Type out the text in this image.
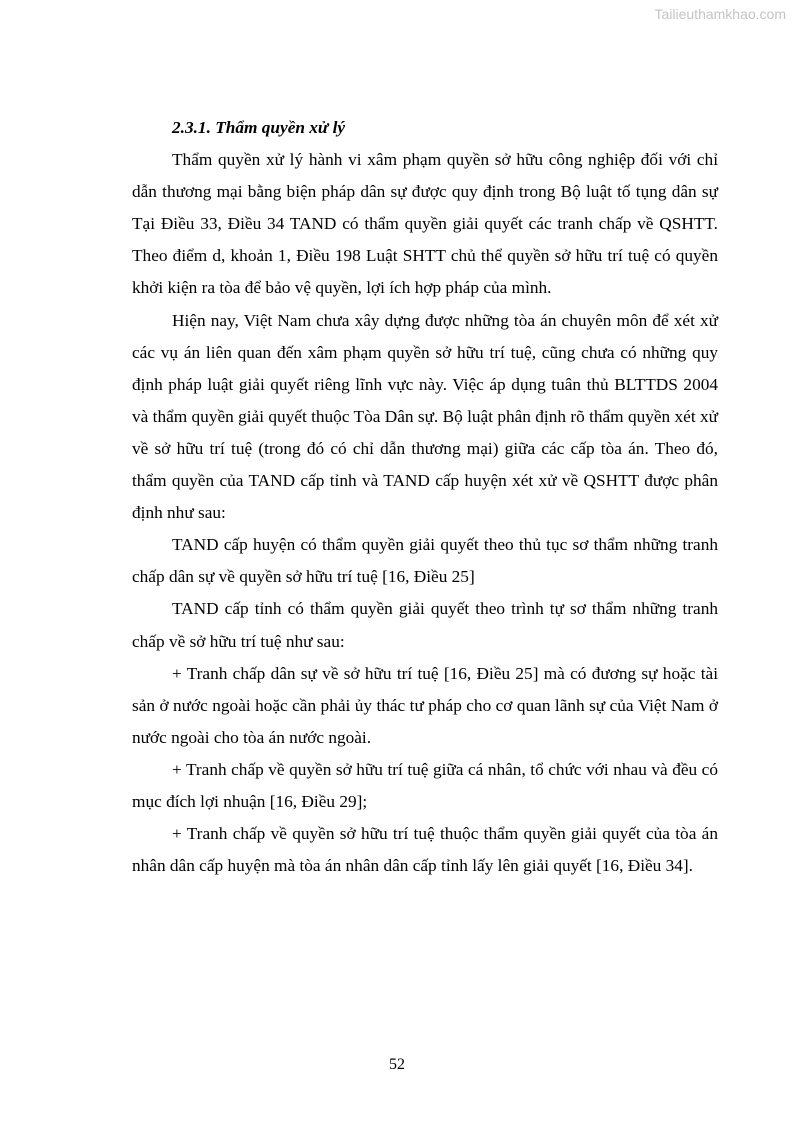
Tailieuthamkhao.com

2.3.1. Thẩm quyền xử lý

Thẩm quyền xử lý hành vi xâm phạm quyền sở hữu công nghiệp đối với chỉ dẫn thương mại bằng biện pháp dân sự được quy định trong Bộ luật tố tụng dân sự Tại Điều 33, Điều 34 TAND có thẩm quyền giải quyết các tranh chấp về QSHTT. Theo điểm d, khoản 1, Điều 198 Luật SHTT chủ thể quyền sở hữu trí tuệ có quyền khởi kiện ra tòa để bảo vệ quyền, lợi ích hợp pháp của mình.

Hiện nay, Việt Nam chưa xây dựng được những tòa án chuyên môn để xét xử các vụ án liên quan đến xâm phạm quyền sở hữu trí tuệ, cũng chưa có những quy định pháp luật giải quyết riêng lĩnh vực này. Việc áp dụng tuân thủ BLTTDS 2004 và thẩm quyền giải quyết thuộc Tòa Dân sự. Bộ luật phân định rõ thẩm quyền xét xử về sở hữu trí tuệ (trong đó có chỉ dẫn thương mại) giữa các cấp tòa án. Theo đó, thẩm quyền của TAND cấp tỉnh và TAND cấp huyện xét xử về QSHTT được phân định như sau:

TAND cấp huyện có thẩm quyền giải quyết theo thủ tục sơ thẩm những tranh chấp dân sự về quyền sở hữu trí tuệ [16, Điều 25]

TAND cấp tỉnh có thẩm quyền giải quyết theo trình tự sơ thẩm những tranh chấp về sở hữu trí tuệ như sau:

+ Tranh chấp dân sự về sở hữu trí tuệ [16, Điều 25] mà có đương sự hoặc tài sản ở nước ngoài hoặc cần phải ủy thác tư pháp cho cơ quan lãnh sự của Việt Nam ở nước ngoài cho tòa án nước ngoài.

+ Tranh chấp về quyền sở hữu trí tuệ giữa cá nhân, tổ chức với nhau và đều có mục đích lợi nhuận [16, Điều 29];

+ Tranh chấp về quyền sở hữu trí tuệ thuộc thẩm quyền giải quyết của tòa án nhân dân cấp huyện mà tòa án nhân dân cấp tỉnh lấy lên giải quyết [16, Điều 34].

52
